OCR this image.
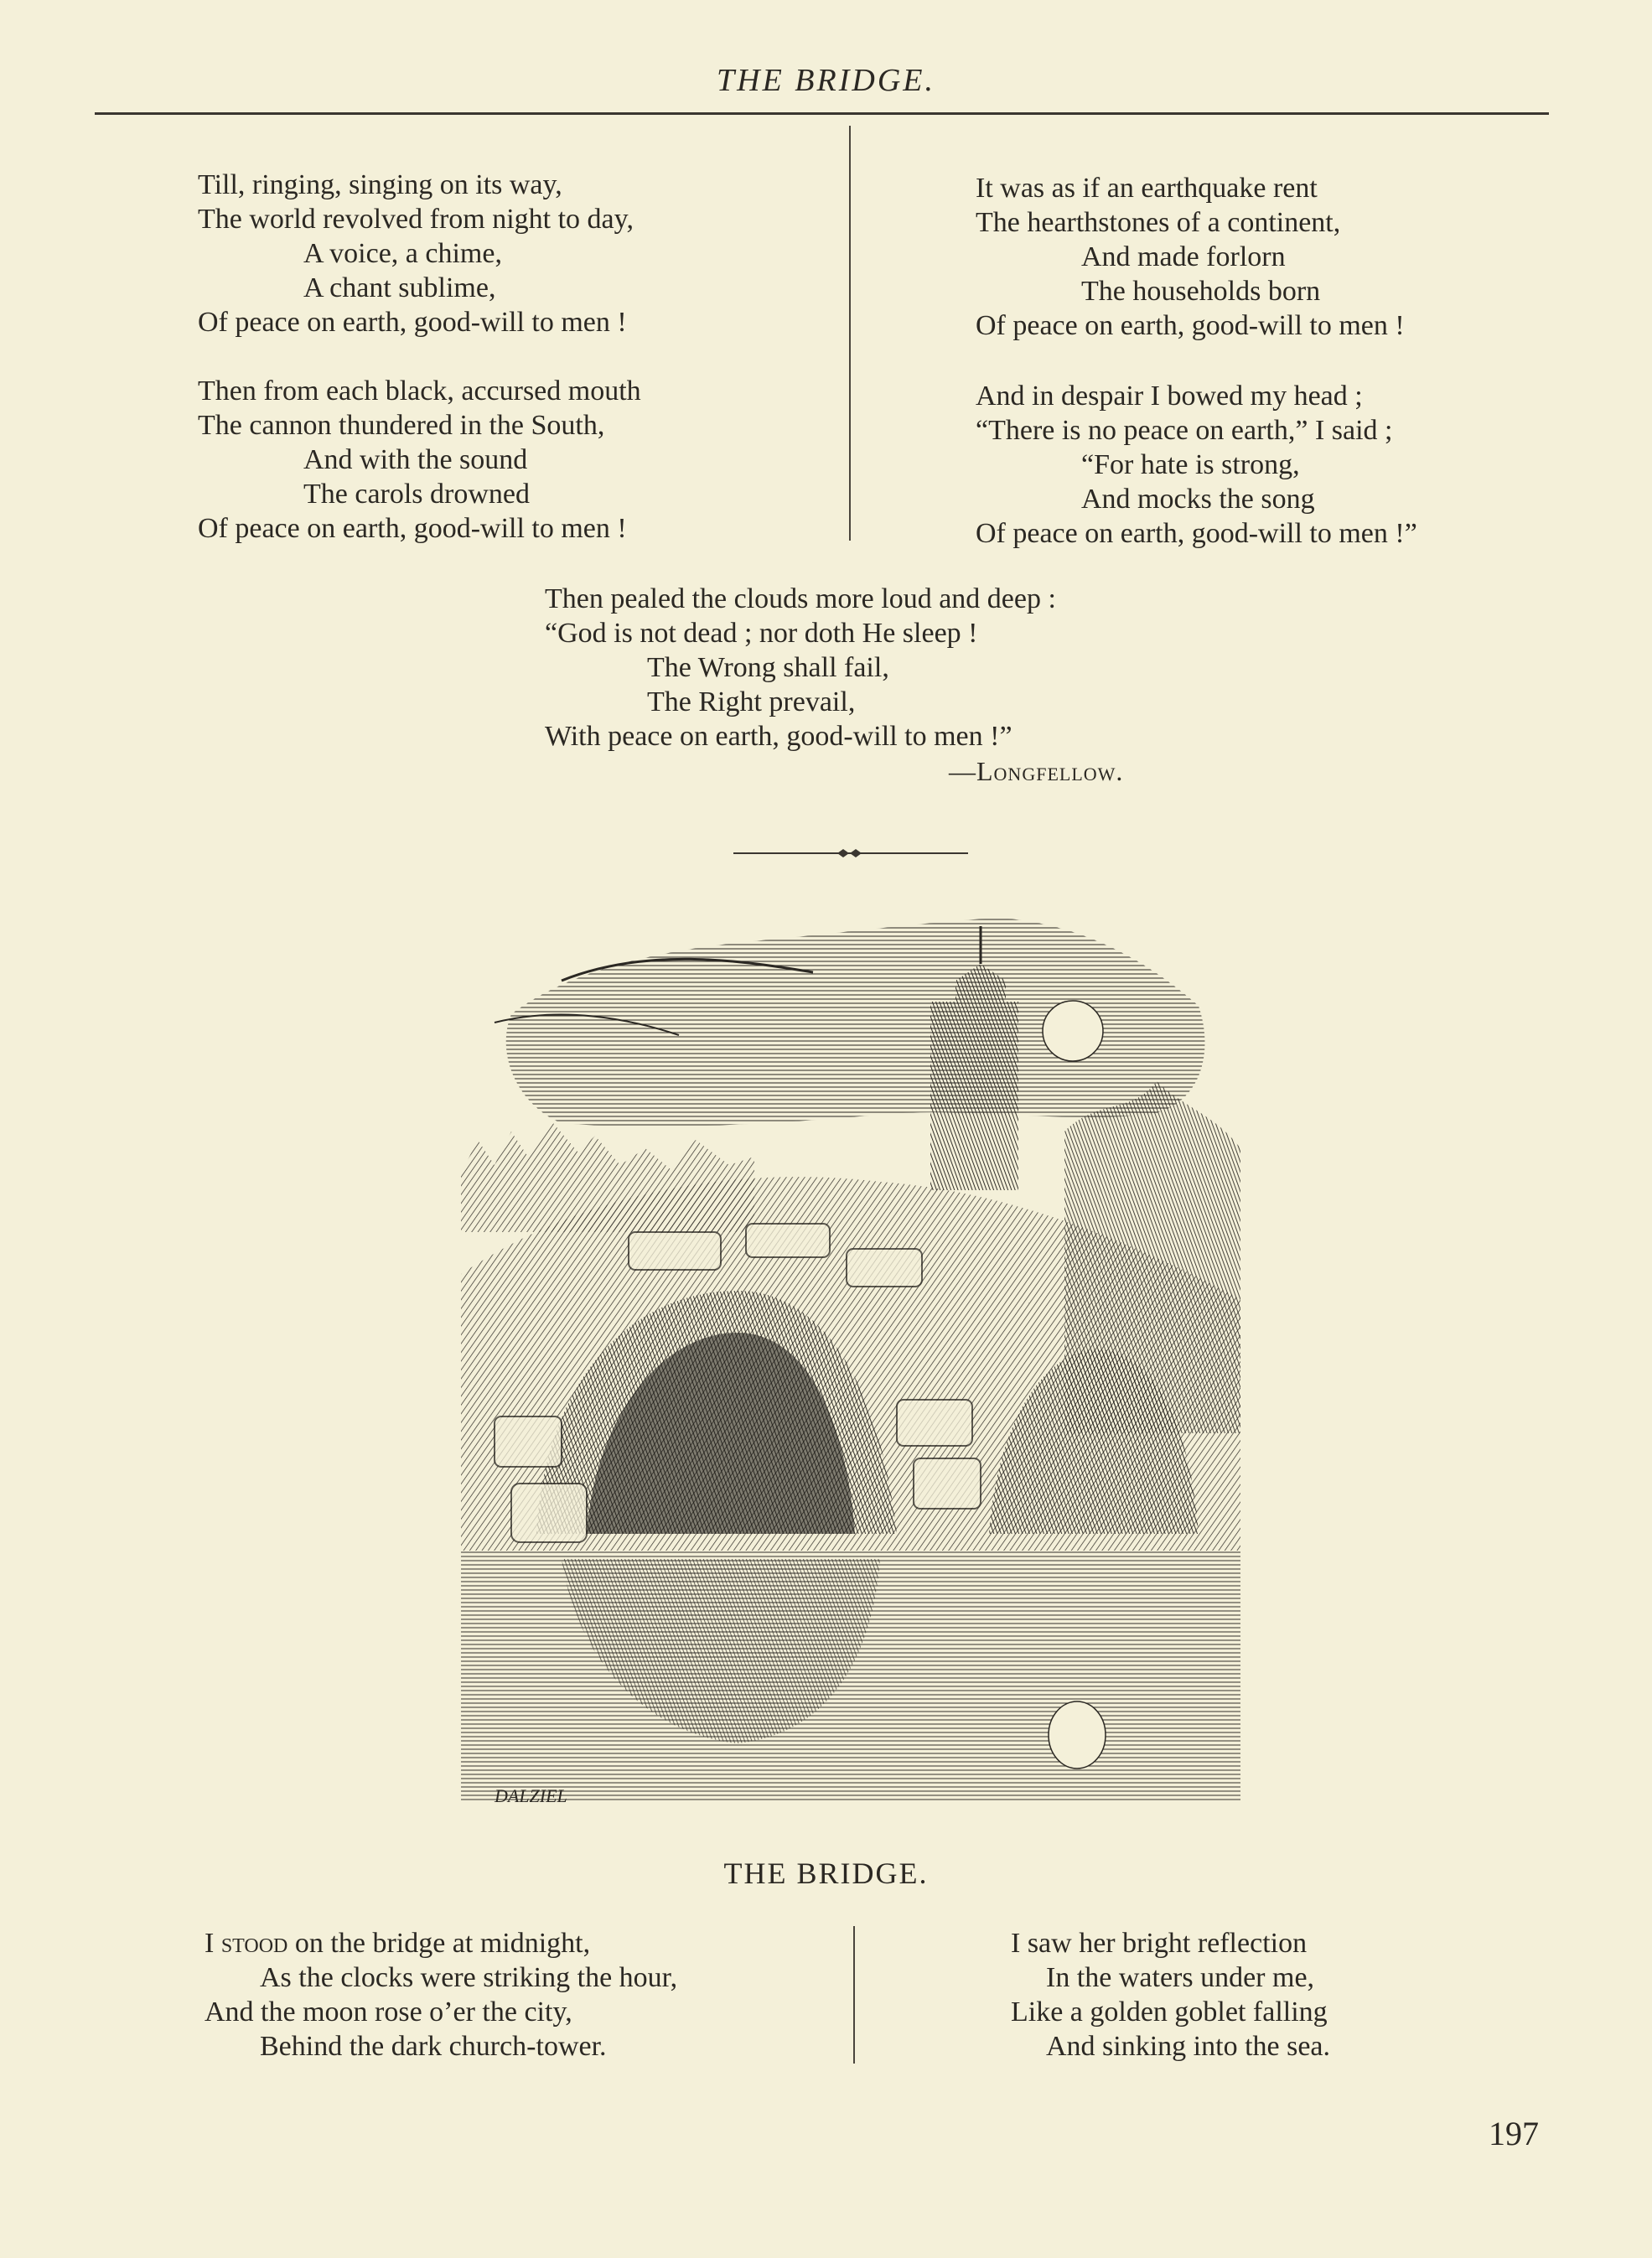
THE BRIDGE.
Till, ringing, singing on its way,
The world revolved from night to day,
A voice, a chime,
A chant sublime,
Of peace on earth, good-will to men !
Then from each black, accursed mouth
The cannon thundered in the South,
And with the sound
The carols drowned
Of peace on earth, good-will to men !
It was as if an earthquake rent
The hearthstones of a continent,
And made forlorn
The households born
Of peace on earth, good-will to men !
And in despair I bowed my head ;
“There is no peace on earth,” I said ;
“For hate is strong,
And mocks the song
Of peace on earth, good-will to men !”
Then pealed the clouds more loud and deep :
“God is not dead ; nor doth He sleep !
The Wrong shall fail,
The Right prevail,
With peace on earth, good-will to men !”
—Longfellow.
DALZIEL
THE BRIDGE.
I stood on the bridge at midnight,
As the clocks were striking the hour,
And the moon rose o’er the city,
Behind the dark church-tower.
I saw her bright reflection
In the waters under me,
Like a golden goblet falling
And sinking into the sea.
197
